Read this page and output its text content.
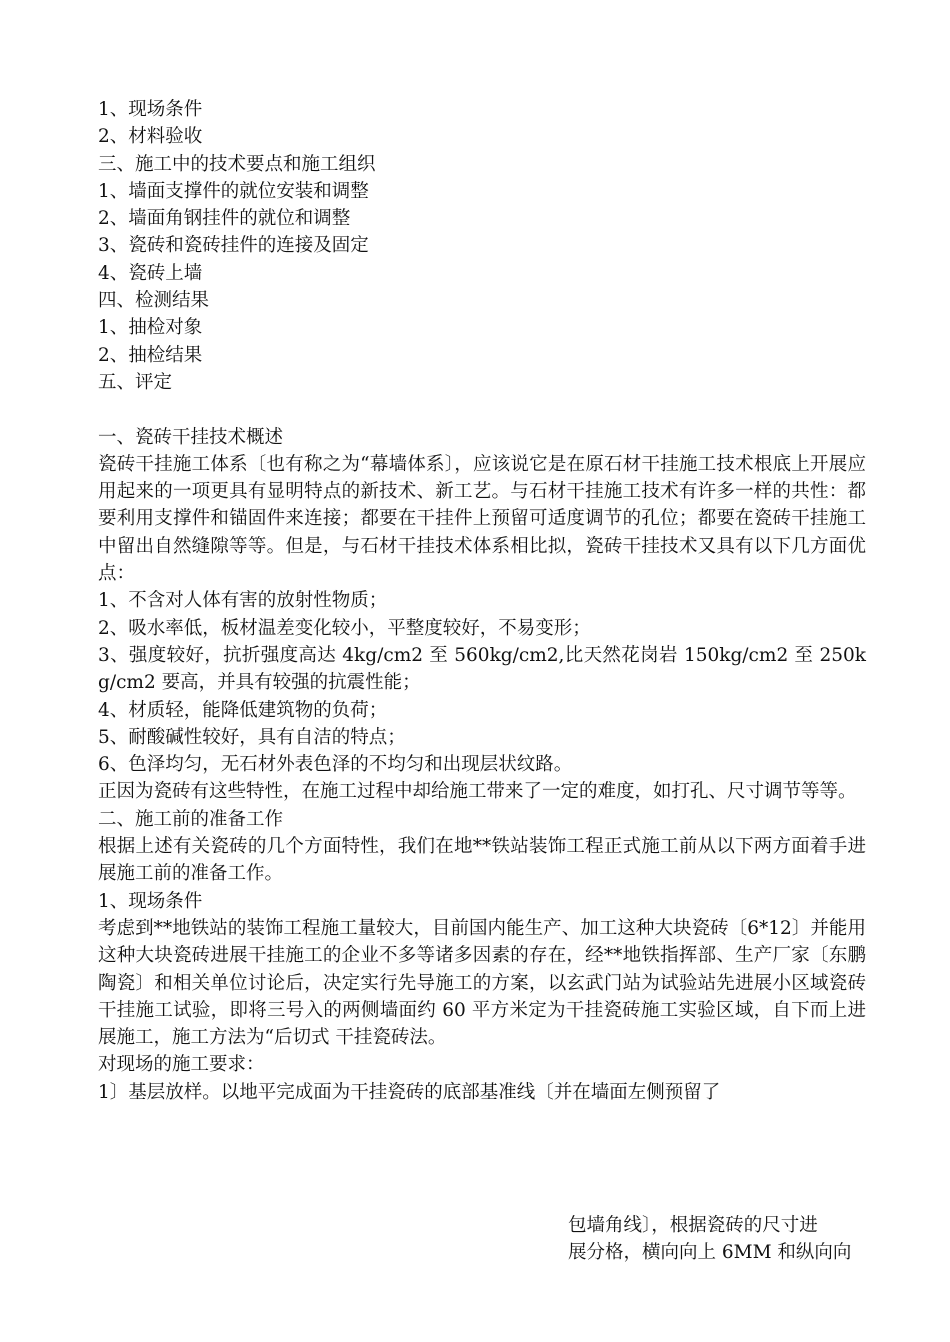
1、现场条件
2、材料验收
三、施工中的技术要点和施工组织
1、墙面支撑件的就位安装和调整
2、墙面角钢挂件的就位和调整
3、瓷砖和瓷砖挂件的连接及固定
4、瓷砖上墙
四、检测结果
1、抽检对象
2、抽检结果
五、评定
一、瓷砖干挂技术概述
瓷砖干挂施工体系〔也有称之为“幕墙体系〕，应该说它是在原石材干挂施工技术根底上开展应用起来的一项更具有显明特点的新技术、新工艺。与石材干挂施工技术有许多一样的共性：都要利用支撑件和锚固件来连接；都要在干挂件上预留可适度调节的孔位；都要在瓷砖干挂施工中留出自然缝隙等等。但是，与石材干挂技术体系相比拟，瓷砖干挂技术又具有以下几方面优点：
1、不含对人体有害的放射性物质；
2、吸水率低，板材温差变化较小，平整度较好，不易变形；
3、强度较好，抗折强度高达 4kg/cm2 至 560kg/cm2,比天然花岗岩 150kg/cm2 至 250kg/cm2 要高，并具有较强的抗震性能；
4、材质轻，能降低建筑物的负荷；
5、耐酸碱性较好，具有自洁的特点；
6、色泽均匀，无石材外表色泽的不均匀和出现层状纹路。
正因为瓷砖有这些特性，在施工过程中却给施工带来了一定的难度，如打孔、尺寸调节等等。
二、施工前的准备工作
根据上述有关瓷砖的几个方面特性，我们在地**铁站装饰工程正式施工前从以下两方面着手进展施工前的准备工作。
1、现场条件
考虑到**地铁站的装饰工程施工量较大，目前国内能生产、加工这种大块瓷砖〔6*12〕并能用这种大块瓷砖进展干挂施工的企业不多等诸多因素的存在，经**地铁指挥部、生产厂家〔东鹏陶瓷〕和相关单位讨论后，决定实行先导施工的方案，以玄武门站为试验站先进展小区域瓷砖干挂施工试验，即将三号入的两侧墙面约 60 平方米定为干挂瓷砖施工实验区域，自下而上进展施工，施工方法为“后切式 干挂瓷砖法。
对现场的施工要求：
1〕基层放样。以地平完成面为干挂瓷砖的底部基准线〔并在墙面左侧预留了
包墙角线〕，根据瓷砖的尺寸进
展分格，横向向上 6MM 和纵向向
